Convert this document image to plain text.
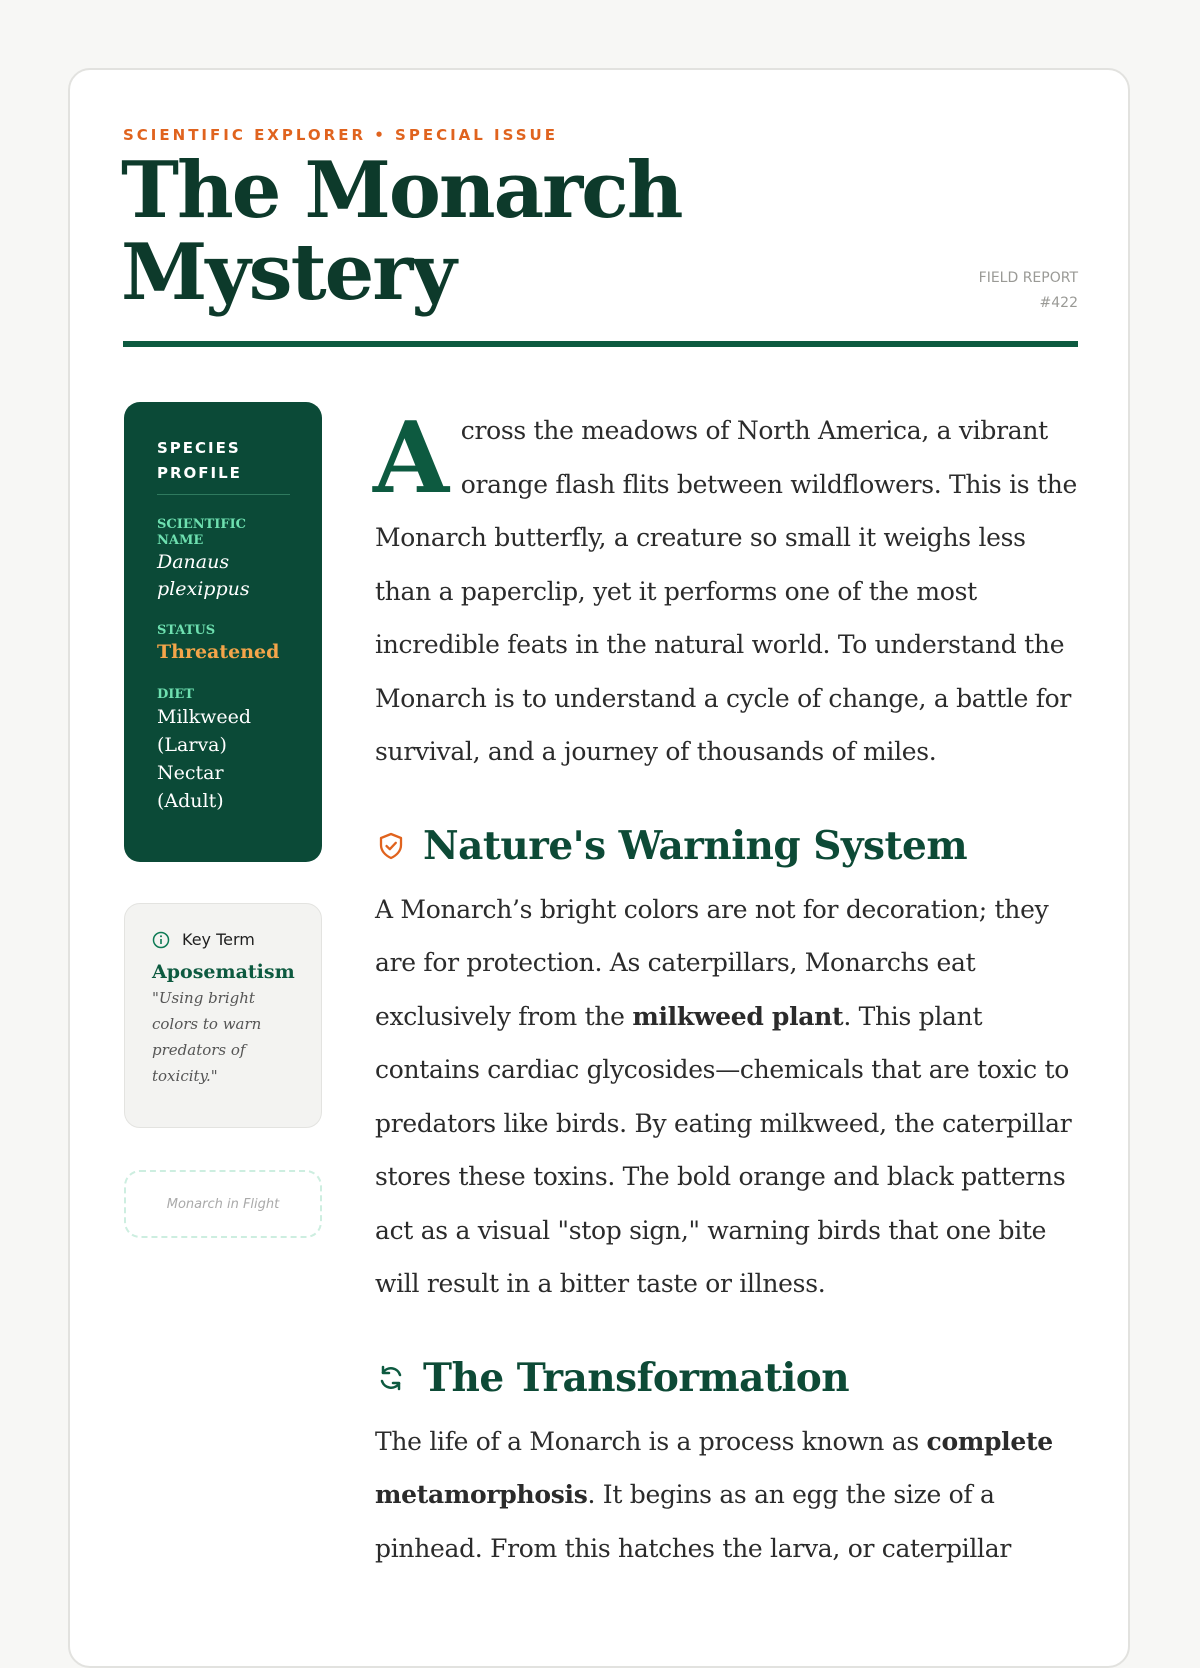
SCIENTIFIC EXPLORER • SPECIAL ISSUE
The Monarch
Mystery	FIELD REPORT
#422
SPECIES
PROFILE
SCIENTIFIC
NAME
Danaus
plexippus
STATUS
Threatened
DIET
Milkweed
(Larva)
Nectar
(Adult)
Key Term
Aposematism
"Using bright
colors to warn
predators of
toxicity."
Monarch in Flight

Across the meadows of North America, a vibrant orange flash flits between wildflowers. This is the Monarch butterfly, a creature so small it weighs less than a paperclip, yet it performs one of the most incredible feats in the natural world. To understand the Monarch is to understand a cycle of change, a battle for survival, and a journey of thousands of miles.

Nature's Warning System

A Monarch’s bright colors are not for decoration; they are for protection. As caterpillars, Monarchs eat exclusively from the milkweed plant. This plant contains cardiac glycosides—chemicals that are toxic to predators like birds. By eating milkweed, the caterpillar stores these toxins. The bold orange and black patterns act as a visual "stop sign," warning birds that one bite will result in a bitter taste or illness.

The Transformation

The life of a Monarch is a process known as complete metamorphosis. It begins as an egg the size of a pinhead. From this hatches the larva, or caterpillar
